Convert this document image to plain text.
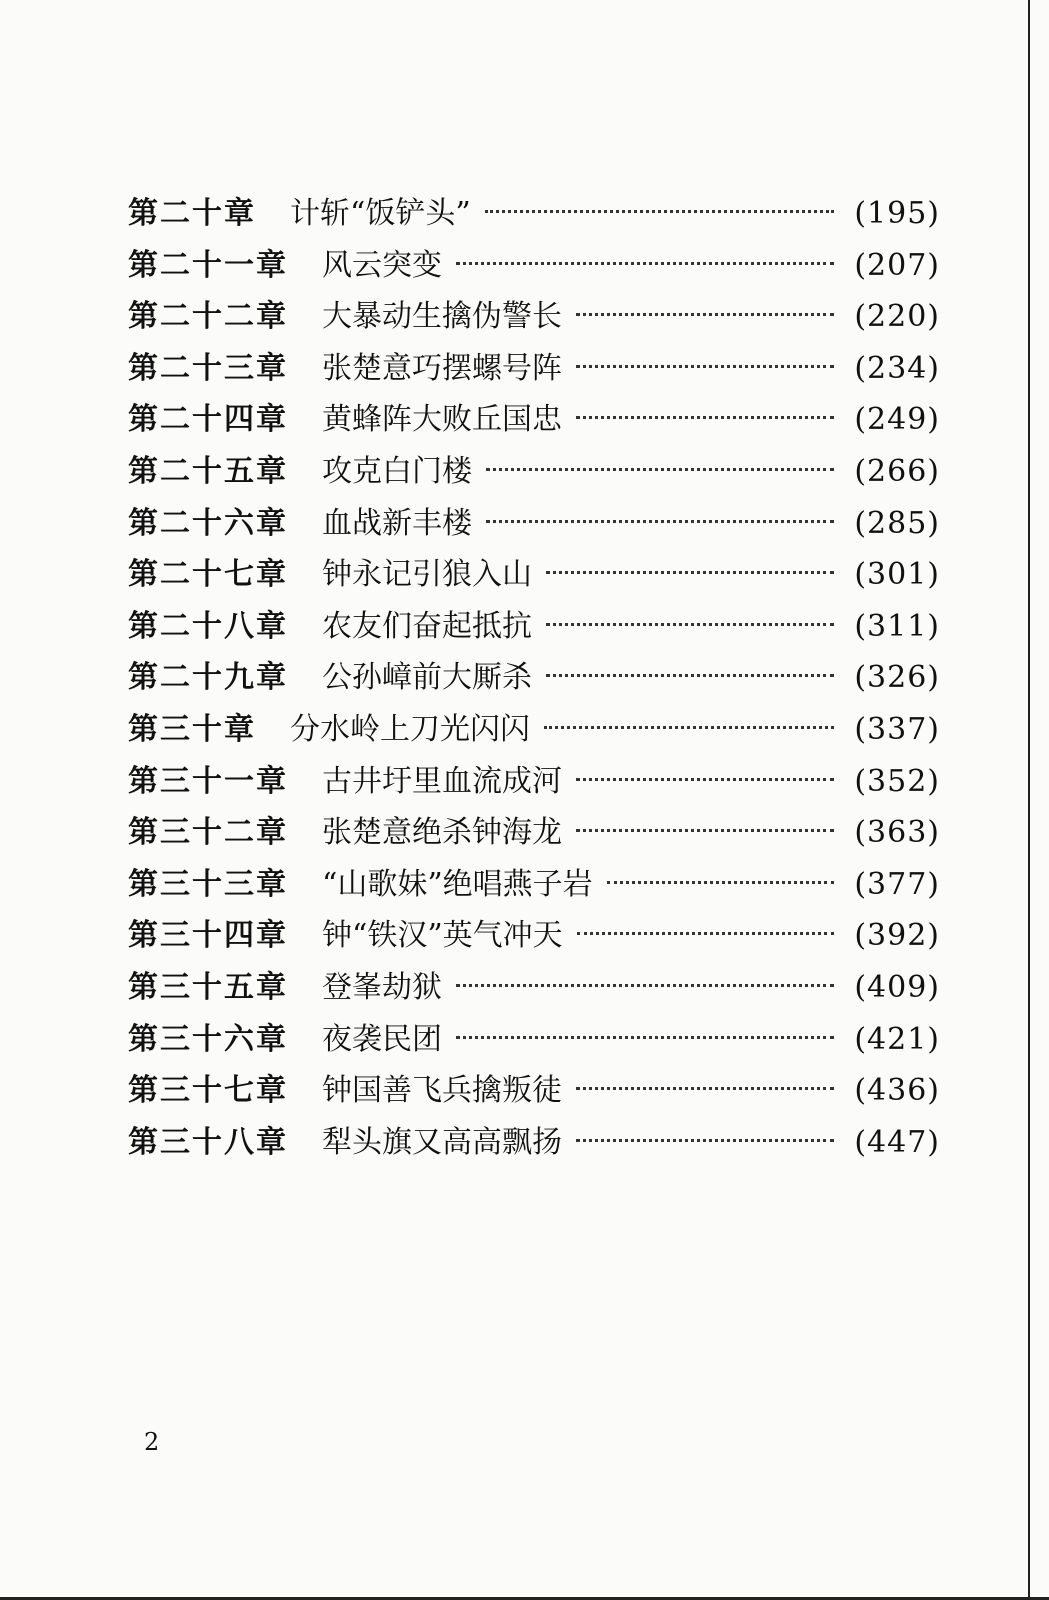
第二十章 计斩“饭铲头”	(195)
第二十一章 风云突变	(207)
第二十二章 大暴动生擒伪警长	(220)
第二十三章 张楚意巧摆螺号阵	(234)
第二十四章 黄蜂阵大败丘国忠	(249)
第二十五章 攻克白门楼	(266)
第二十六章 血战新丰楼	(285)
第二十七章 钟永记引狼入山	(301)
第二十八章 农友们奋起抵抗	(311)
第二十九章 公孙嶂前大厮杀	(326)
第三十章 分水岭上刀光闪闪	(337)
第三十一章 古井圩里血流成河	(352)
第三十二章 张楚意绝杀钟海龙	(363)
第三十三章 “山歌妹”绝唱燕子岩	(377)
第三十四章 钟“铁汉”英气冲天	(392)
第三十五章 登峯劫狱	(409)
第三十六章 夜袭民团	(421)
第三十七章 钟国善飞兵擒叛徒	(436)
第三十八章 犁头旗又高高飘扬	(447)
2
